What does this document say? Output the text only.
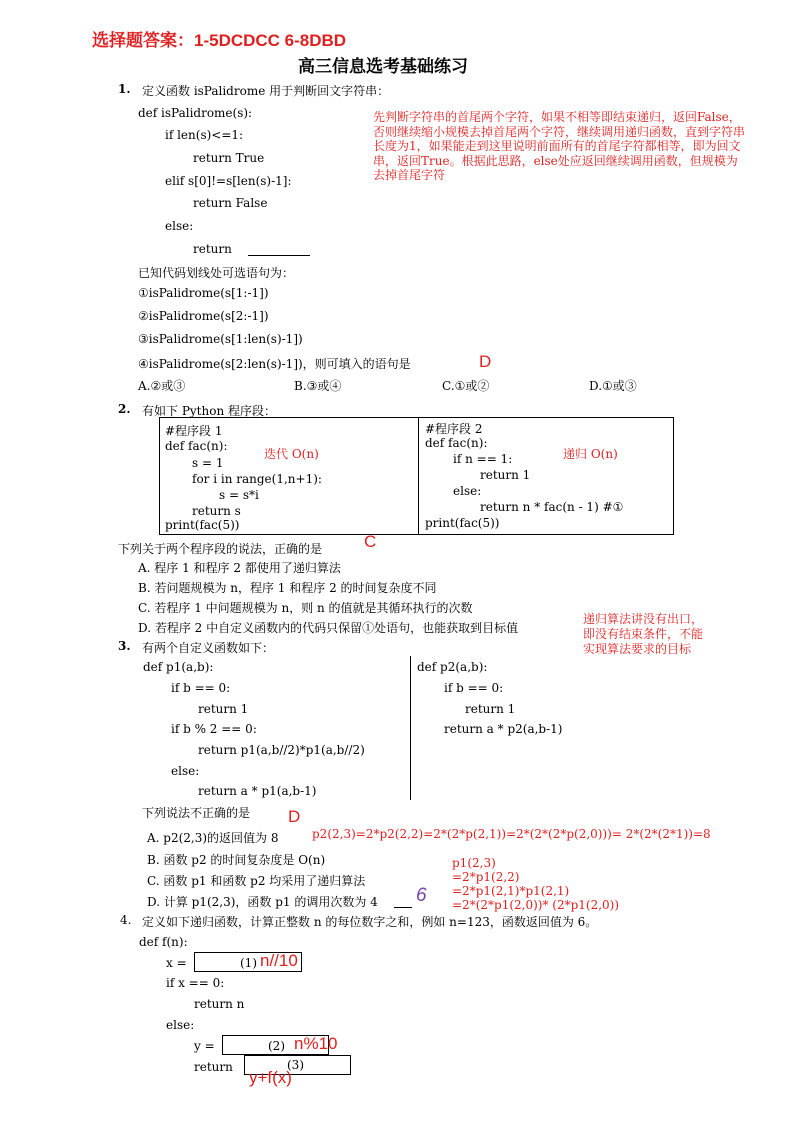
选择题答案：1-5DCDCC 6-8DBD
高三信息选考基础练习
1. 定义函数 isPalidrome 用于判断回文字符串：
def isPalidrome(s):
if len(s)<=1:
return True
elif s[0]!=s[len(s)-1]:
return False
else:
return
先判断字符串的首尾两个字符，如果不相等即结束递归，返回False，否则继续缩小规模去掉首尾两个字符，继续调用递归函数，直到字符串长度为1，如果能走到这里说明前面所有的首尾字符都相等，即为回文串，返回True。根据此思路，else处应返回继续调用函数，但规模为去掉首尾字符
已知代码划线处可选语句为：
①isPalidrome(s[1:-1])
②isPalidrome(s[2:-1])
③isPalidrome(s[1:len(s)-1])
④isPalidrome(s[2:len(s)-1])，则可填入的语句是	D
A.②或③	B.③或④	C.①或②	D.①或③
2. 有如下 Python 程序段：
#程序段 1
def fac(n):
s = 1
for i in range(1,n+1):
s = s*i
return s
print(fac(5))
迭代 O(n)
#程序段 2
def fac(n):
if n == 1:
return 1
else:
return n * fac(n - 1) #①
print(fac(5))
递归 O(n)
下列关于两个程序段的说法，正确的是 C
A. 程序 1 和程序 2 都使用了递归算法
B. 若问题规模为 n，程序 1 和程序 2 的时间复杂度不同
C. 若程序 1 中问题规模为 n，则 n 的值就是其循环执行的次数
D. 若程序 2 中自定义函数内的代码只保留①处语句，也能获取到目标值
递归算法讲没有出口，
即没有结束条件，不能
实现算法要求的目标
3. 有两个自定义函数如下：
def p1(a,b):
if b == 0:
return 1
if b % 2 == 0:
return p1(a,b//2)*p1(a,b//2)
else:
return a * p1(a,b-1)
def p2(a,b):
if b == 0:
return 1
return a * p2(a,b-1)
下列说法不正确的是 D
A. p2(2,3)的返回值为 8	p2(2,3)=2*p2(2,2)=2*(2*p(2,1))=2*(2*(2*p(2,0)))= 2*(2*(2*1))=8
B. 函数 p2 的时间复杂度是 O(n)
C. 函数 p1 和函数 p2 均采用了递归算法
D. 计算 p1(2,3)，函数 p1 的调用次数为 4 6
p1(2,3)
=2*p1(2,2)
=2*p1(2,1)*p1(2,1)
=2*(2*p1(2,0))* (2*p1(2,0))
4. 定义如下递归函数，计算正整数 n 的每位数字之和，例如 n=123，函数返回值为 6。
def f(n):
x =	(1) n//10
if x == 0:
return n
else:
y =	(2) n%10
return	(3)
y+f(x)
